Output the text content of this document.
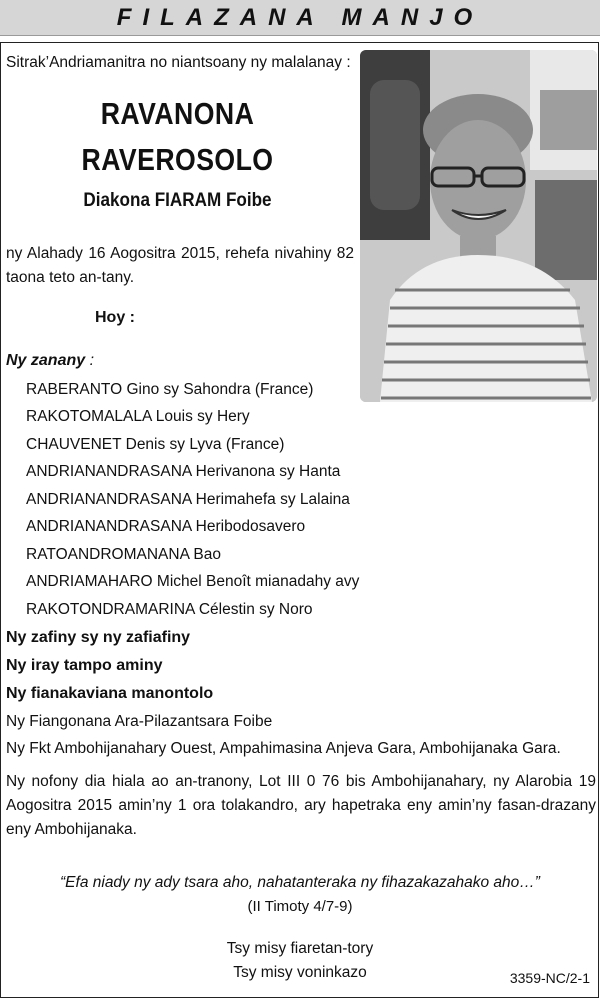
FILAZANA MANJO
Sitrak’Andriamanitra no niantsoany ny malalanay :
RAVANONA
RAVEROSOLO
Diakona FIARAM Foibe
ny Alahady 16 Aogositra 2015, rehefa nivahiny 82 taona teto an-tany.
Hoy :
Ny zanany :
RABERANTO Gino sy Sahondra (France)
RAKOTOMALALA Louis sy Hery
CHAUVENET Denis sy Lyva (France)
ANDRIANANDRASANA Herivanona sy Hanta
ANDRIANANDRASANA Herimahefa sy Lalaina
ANDRIANANDRASANA Heribodosavero
RATOANDROMANANA Bao
ANDRIAMAHARO Michel Benoît mianadahy avy
RAKOTONDRAMARINA Célestin sy Noro
Ny zafiny sy ny zafiafiny
Ny iray tampo aminy
Ny fianakaviana manontolo
Ny Fiangonana Ara-Pilazantsara Foibe
Ny Fkt Ambohijanahary Ouest, Ampahimasina Anjeva Gara, Ambohijanaka Gara.
Ny nofony dia hiala ao an-tranony, Lot III 0 76 bis Ambohijanahary, ny Alarobia 19 Aogositra 2015 amin’ny 1 ora tolakandro, ary hapetraka eny amin’ny fasan-drazany eny Ambohijanaka.
“Efa niady ny ady tsara aho, nahatanteraka ny fihazakazahako aho…”
(II Timoty 4/7-9)
Tsy misy fiaretan-tory
Tsy misy voninkazo	3359-NC/2-1
